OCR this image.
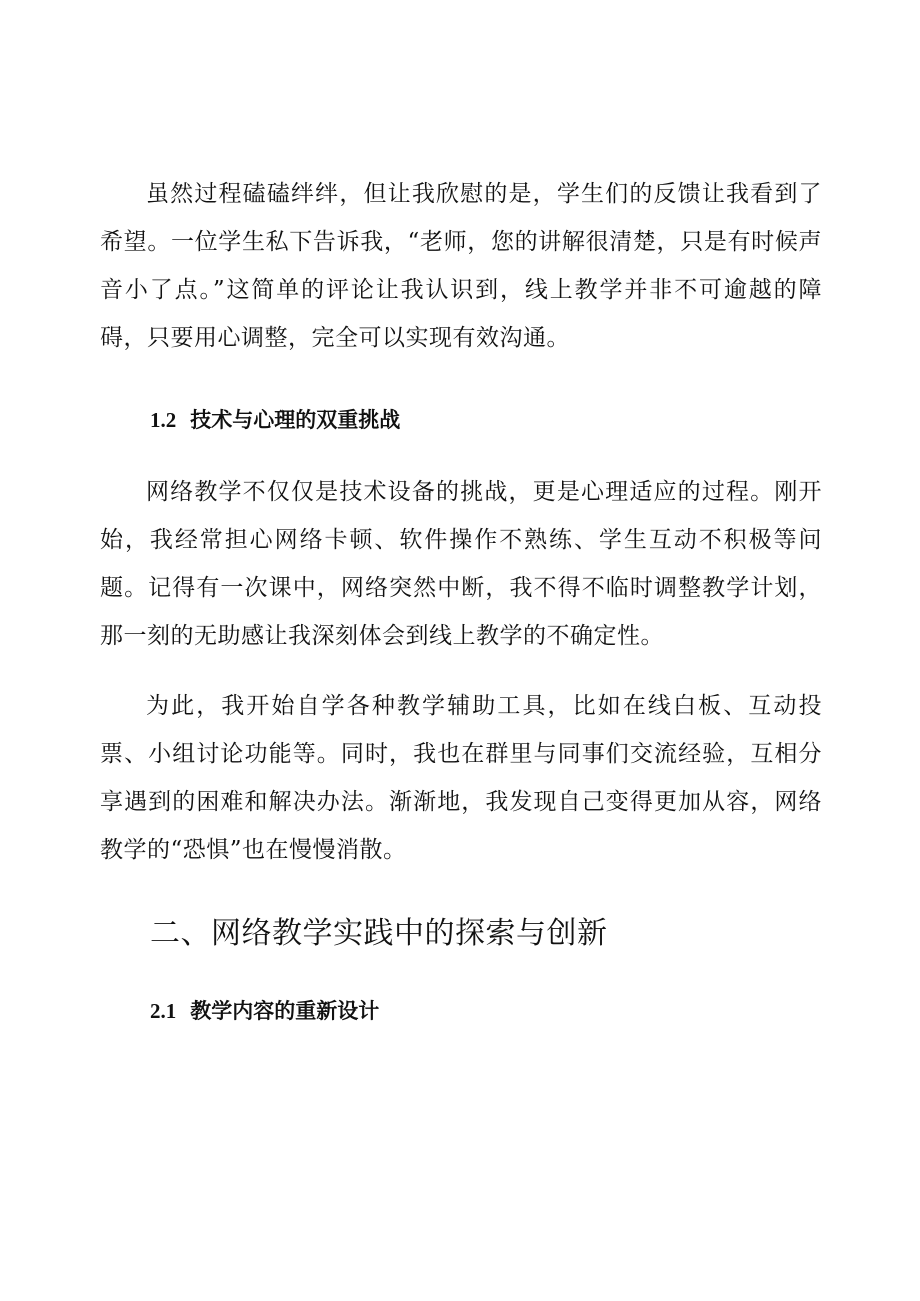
虽然过程磕磕绊绊，但让我欣慰的是，学生们的反馈让我看到了希望。一位学生私下告诉我，“老师，您的讲解很清楚，只是有时候声音小了点。”这简单的评论让我认识到，线上教学并非不可逾越的障碍，只要用心调整，完全可以实现有效沟通。

1.2 技术与心理的双重挑战

网络教学不仅仅是技术设备的挑战，更是心理适应的过程。刚开始，我经常担心网络卡顿、软件操作不熟练、学生互动不积极等问题。记得有一次课中，网络突然中断，我不得不临时调整教学计划，那一刻的无助感让我深刻体会到线上教学的不确定性。

为此，我开始自学各种教学辅助工具，比如在线白板、互动投票、小组讨论功能等。同时，我也在群里与同事们交流经验，互相分享遇到的困难和解决办法。渐渐地，我发现自己变得更加从容，网络教学的“恐惧”也在慢慢消散。

二、网络教学实践中的探索与创新
2.1 教学内容的重新设计
